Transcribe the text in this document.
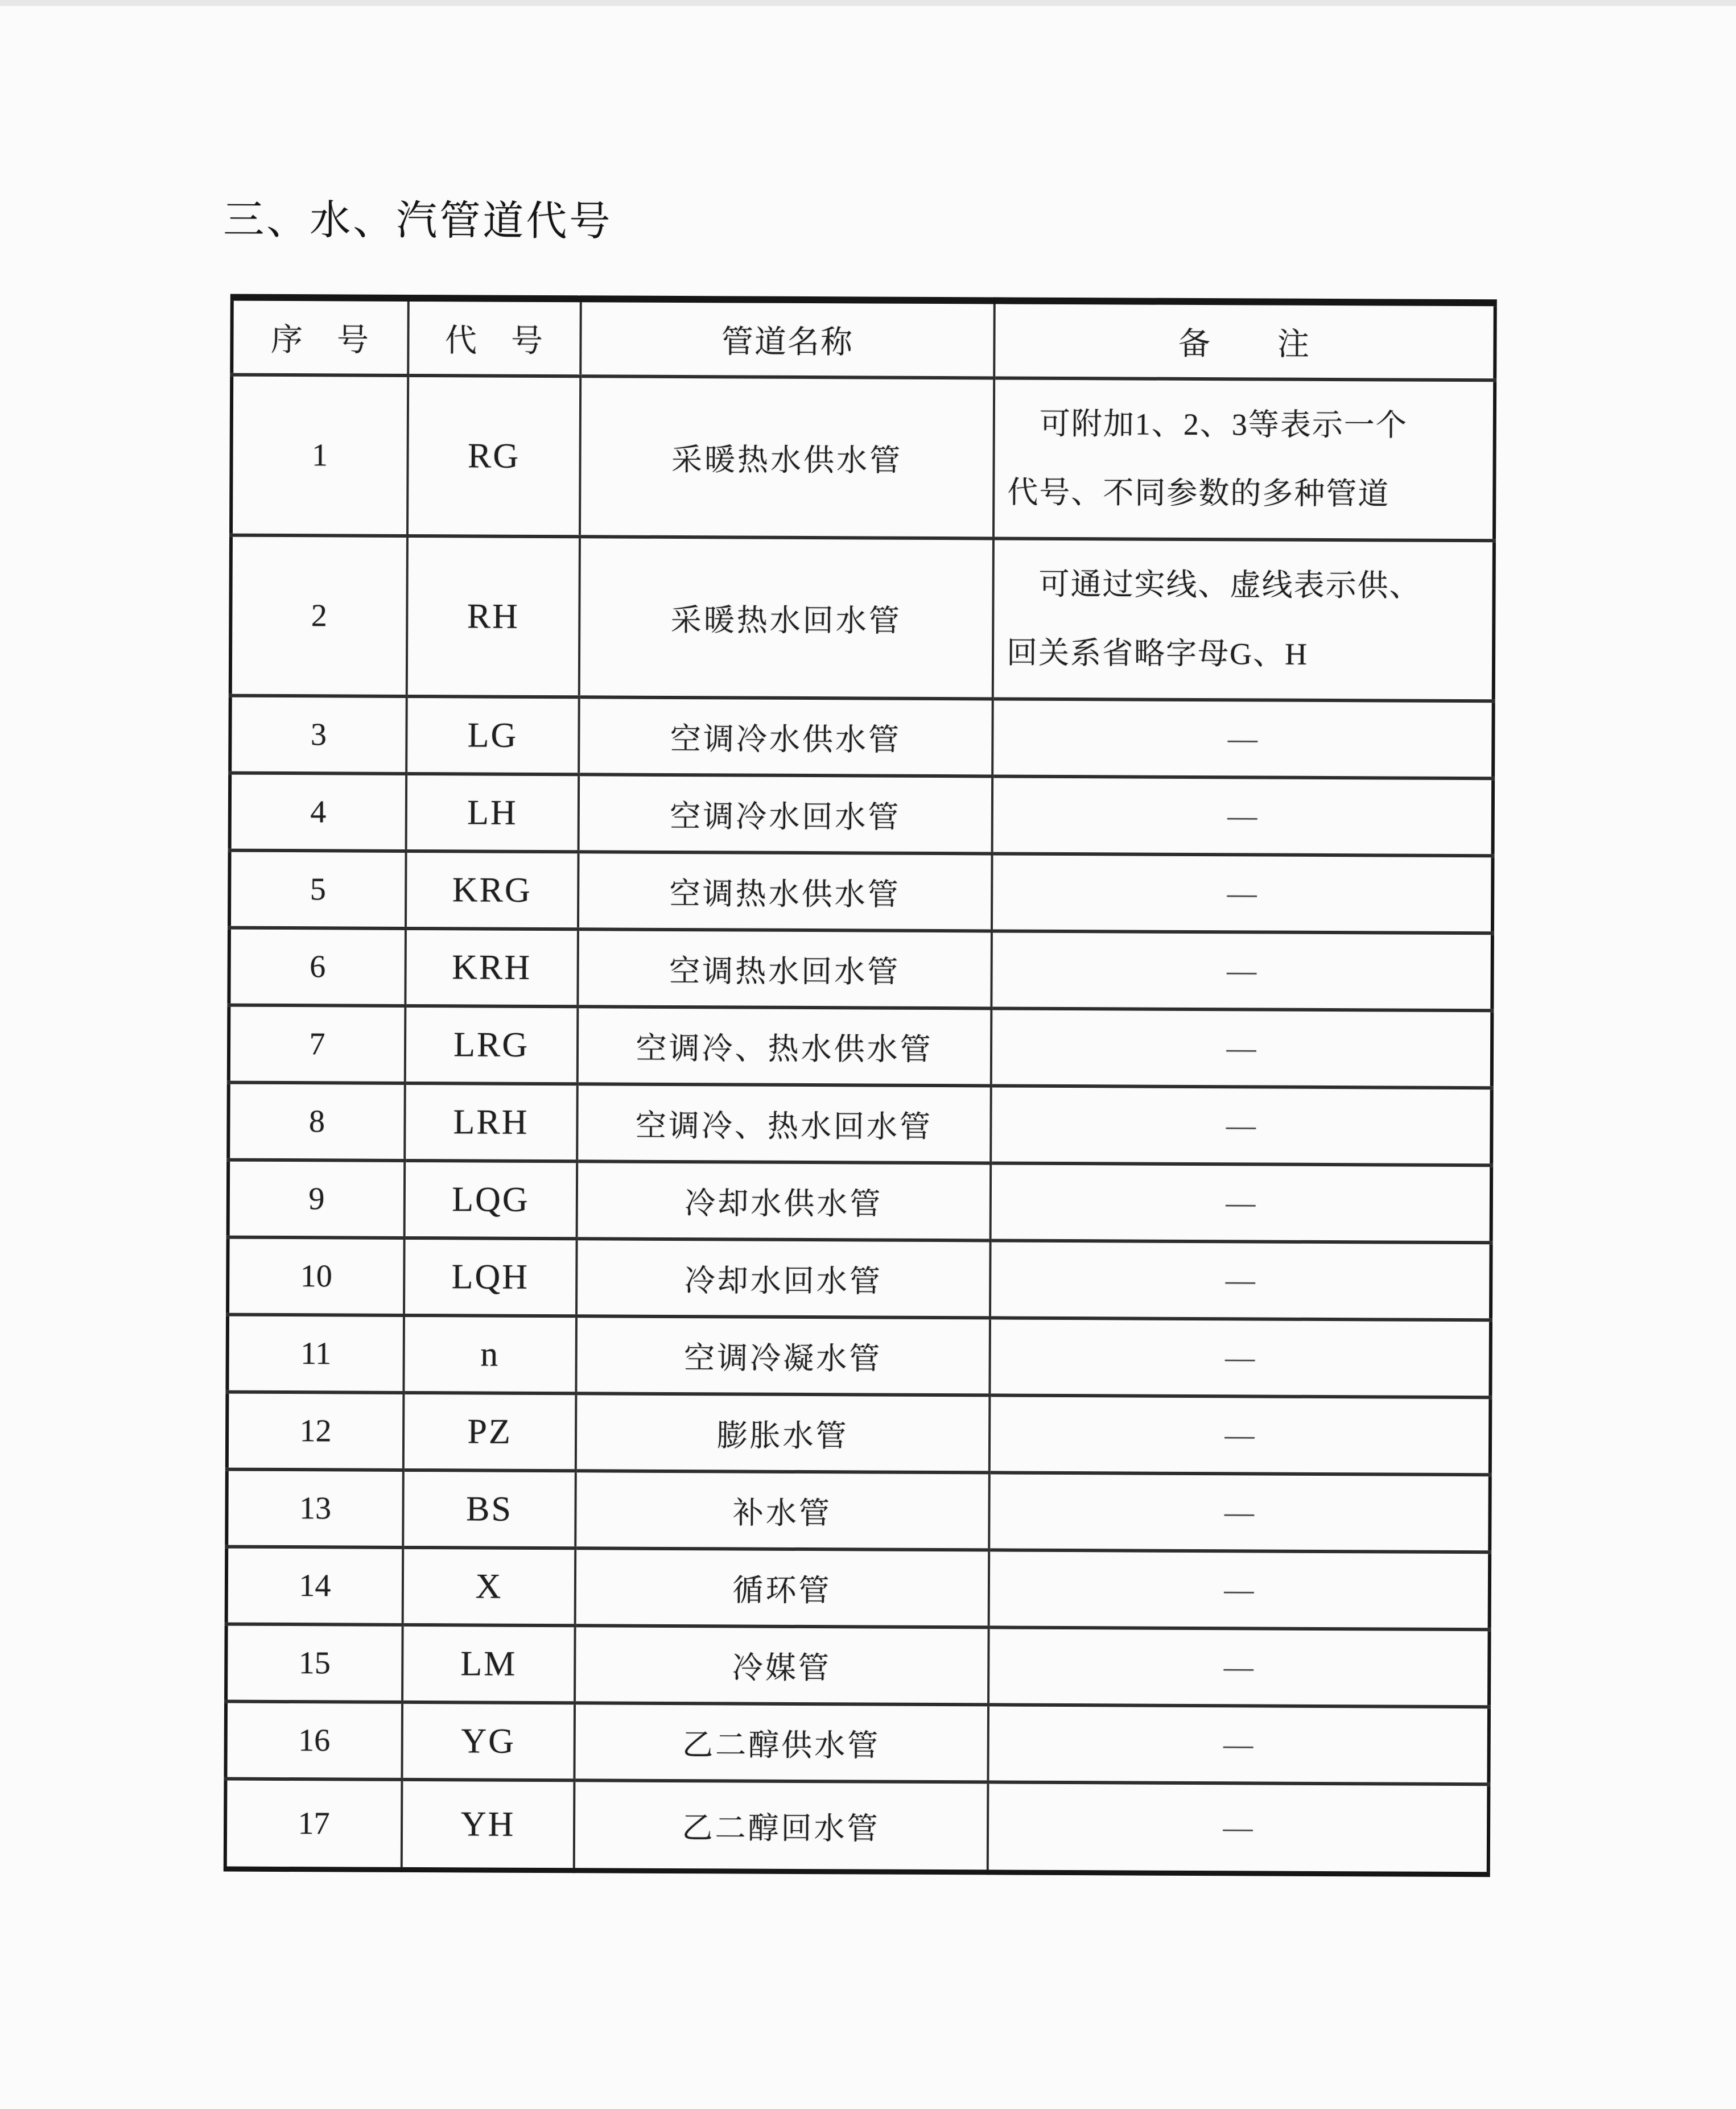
三、水、汽管道代号
序　号	代　号	管道名称	备　　注
1	RG	采暖热水供水管	可附加1、2、3等表示一个
代号、不同参数的多种管道
2	RH	采暖热水回水管	可通过实线、虚线表示供、
回关系省略字母G、H
3	LG	空调冷水供水管	—
4	LH	空调冷水回水管	—
5	KRG	空调热水供水管	—
6	KRH	空调热水回水管	—
7	LRG	空调冷、热水供水管	—
8	LRH	空调冷、热水回水管	—
9	LQG	冷却水供水管	—
10	LQH	冷却水回水管	—
11	n	空调冷凝水管	—
12	PZ	膨胀水管	—
13	BS	补水管	—
14	X	循环管	—
15	LM	冷媒管	—
16	YG	乙二醇供水管	—
17	YH	乙二醇回水管	—
